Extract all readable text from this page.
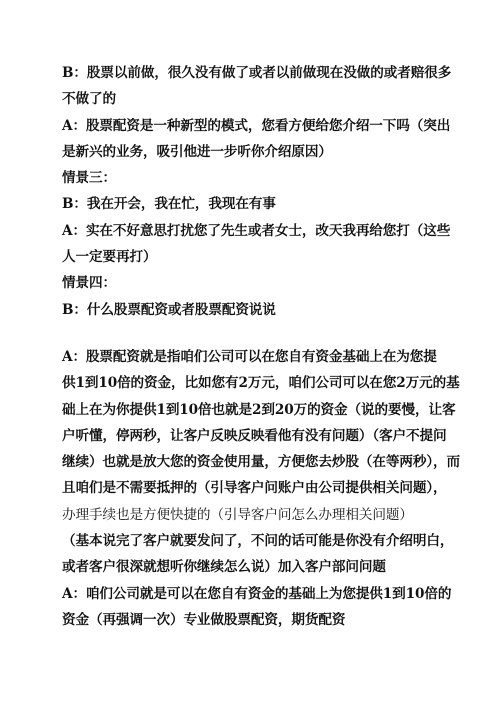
B：股票以前做，很久没有做了或者以前做现在没做的或者赔很多
不做了的
A：股票配资是一种新型的模式，您看方便给您介绍一下吗（突出
是新兴的业务，吸引他进一步听你介绍原因）
情景三：
B：我在开会，我在忙，我现在有事
A：实在不好意思打扰您了先生或者女士，改天我再给您打（这些
人一定要再打）
情景四：
B：什么股票配资或者股票配资说说
A：股票配资就是指咱们公司可以在您自有资金基础上在为您提
供1到10倍的资金，比如您有2万元，咱们公司可以在您2万元的基
础上在为你提供1到10倍也就是2到20万的资金（说的要慢，让客
户听懂，停两秒，让客户反映反映看他有没有问题）（客户不提问
继续）也就是放大您的资金使用量，方便您去炒股（在等两秒），而
且咱们是不需要抵押的（引导客户问账户由公司提供相关问题），
办理手续也是方便快捷的（引导客户问怎么办理相关问题）
（基本说完了客户就要发问了，不问的话可能是你没有介绍明白，
或者客户很深就想听你继续怎么说）加入客户部问问题
A：咱们公司就是可以在您自有资金的基础上为您提供1到10倍的
资金（再强调一次）专业做股票配资，期货配资
